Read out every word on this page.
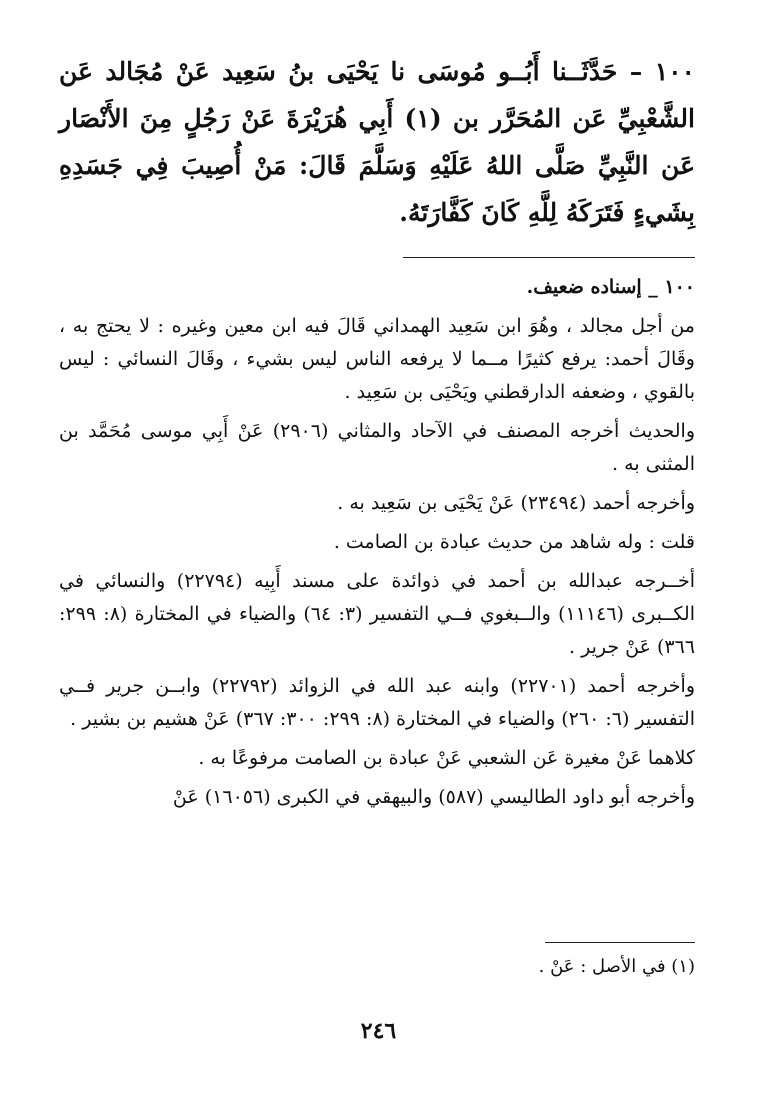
١٠٠ – حَدَّثَــنا أَبُــو مُوسَى نا يَحْيَى بنُ سَعِيد عَنْ مُجَالد عَن الشَّعْبِيِّ عَن المُحَرَّر بن (١) أَبِي هُرَيْرَةَ عَنْ رَجُلٍ مِنَ الأَنْصَار عَن النَّبِيِّ صَلَّى اللهُ عَلَيْهِ وَسَلَّمَ قَالَ: مَنْ أُصِيبَ فِي جَسَدِهِ بِشَيءٍ فَتَرَكَهُ لِلَّهِ كَانَ كَفَّارَتَهُ.

١٠٠ _ إسناده ضعيف.

من أجل مجالد ، وهُوَ ابن سَعِيد الهمداني قَالَ فيه ابن معين وغيره : لا يحتج به ، وقَالَ أحمد: يرفع كثيرًا مــما لا يرفعه الناس ليس بشيء ، وقَالَ النسائي : ليس بالقوي ، وضعفه الدارقطني ويَحْيَى بن سَعِيد .

والحديث أخرجه المصنف في الآحاد والمثاني (٢٩٠٦) عَنْ أَبِي موسى مُحَمَّد بن المثنى به .

وأخرجه أحمد (٢٣٤٩٤) عَنْ يَحْيَى بن سَعِيد به .

قلت : وله شاهد من حديث عبادة بن الصامت .

أخــرجه عبدالله بن أحمد في ذوائدة على مسند أَبِيه (٢٢٧٩٤) والنسائي في الكــبرى (١١١٤٦) والــبغوي فــي التفسير (٣: ٦٤) والضياء في المختارة (٨: ٢٩٩: ٣٦٦) عَنْ جرير .

وأخرجه أحمد (٢٢٧٠١) وابنه عبد الله في الزوائد (٢٢٧٩٢) وابــن جرير فــي التفسير (٦: ٢٦٠) والضياء في المختارة (٨: ٢٩٩: ٣٠٠: ٣٦٧) عَنْ هشيم بن بشير .

كلاهما عَنْ مغيرة عَن الشعبي عَنْ عبادة بن الصامت مرفوعًا به .

وأخرجه أبو داود الطاليسي (٥٨٧) والبيهقي في الكبرى (١٦٠٥٦) عَنْ

(١) في الأصل : عَنْ .

٢٤٦
